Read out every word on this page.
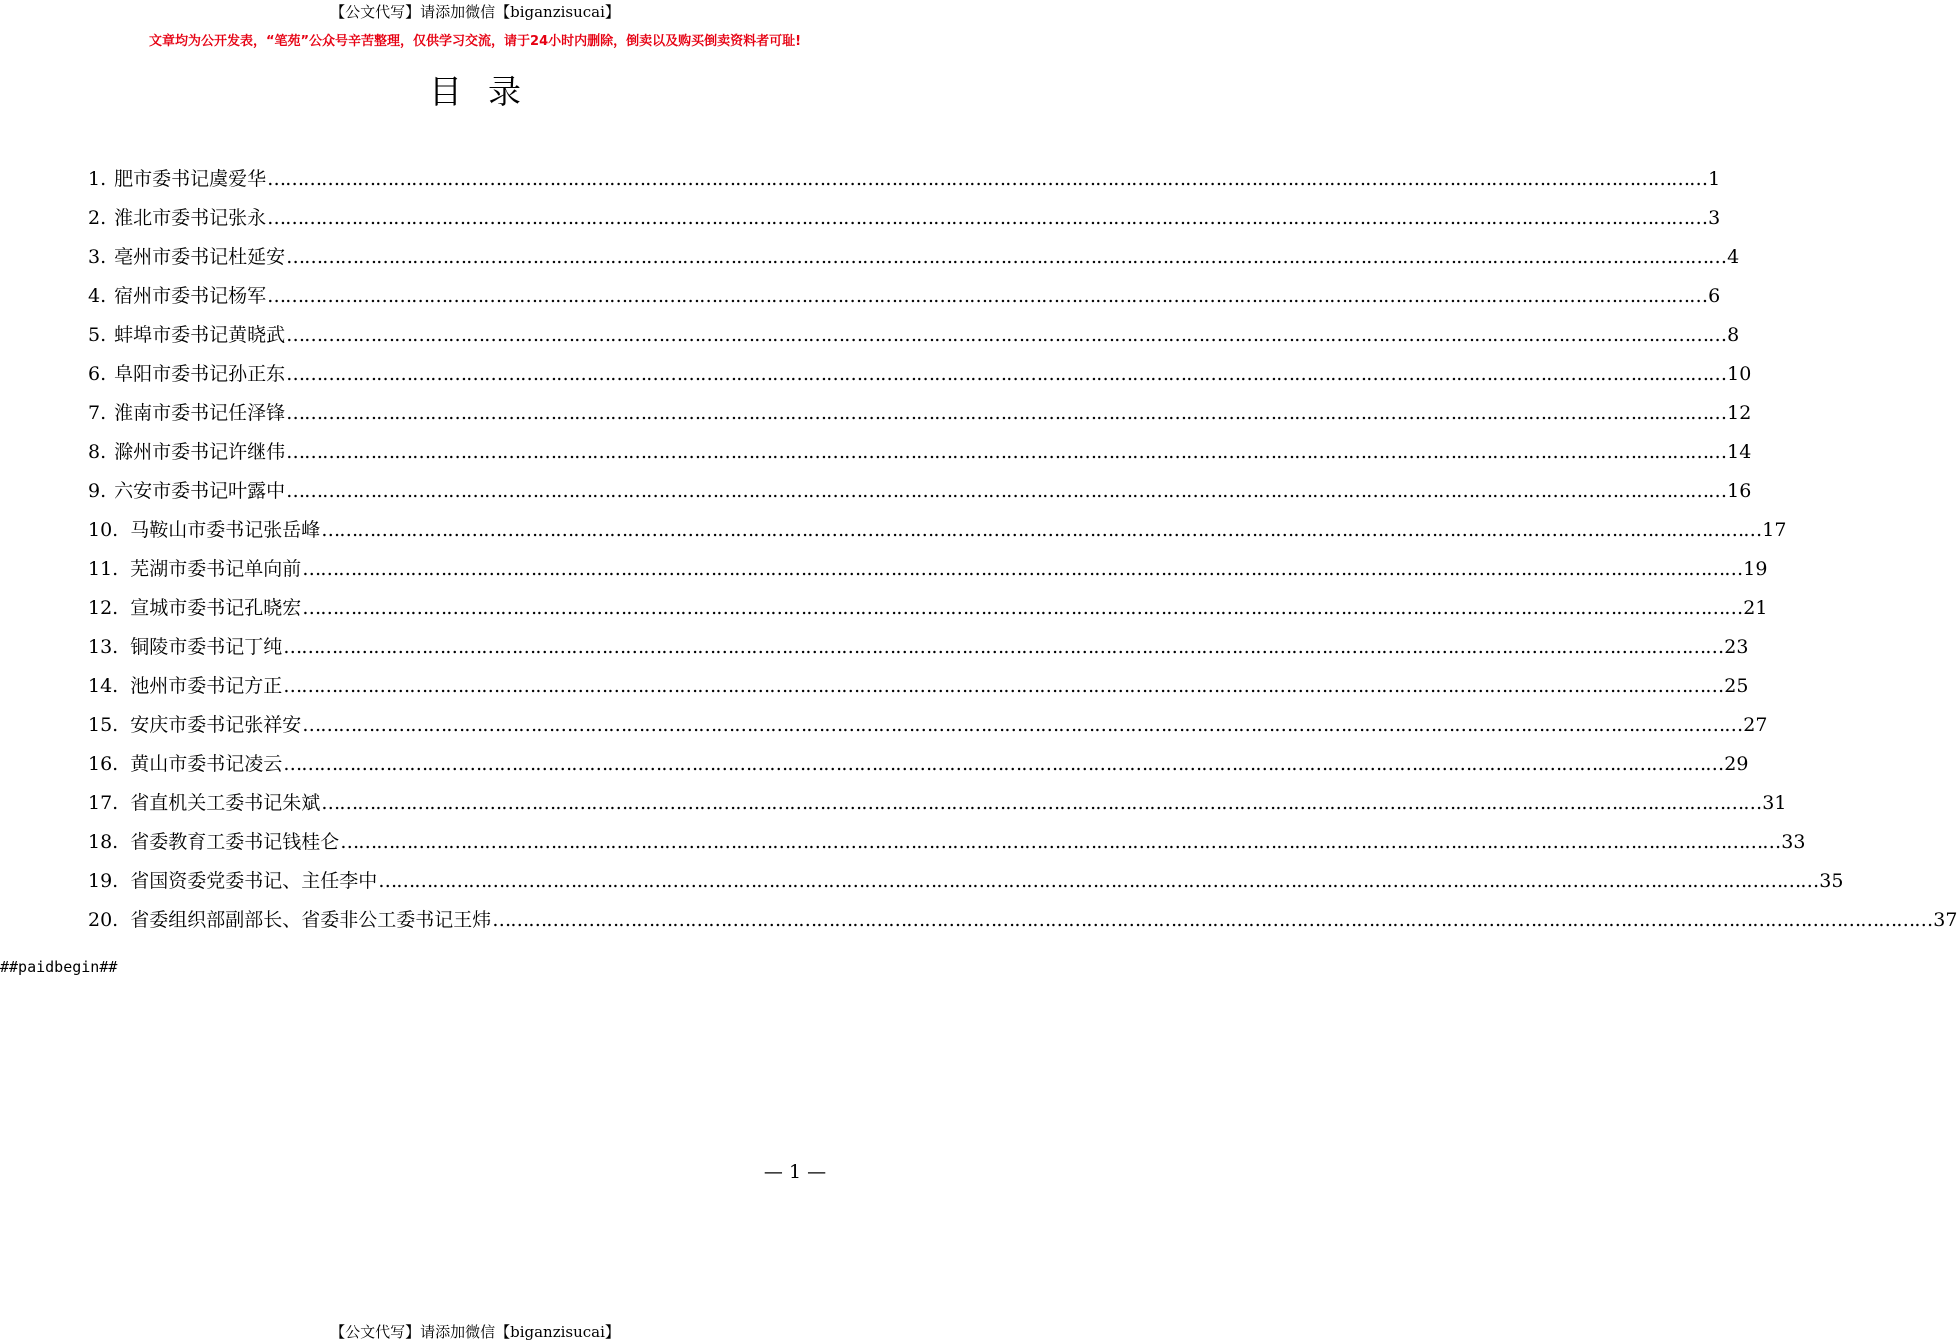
【公文代写】请添加微信【biganzisucai】
文章均为公开发表，“笔苑”公众号辛苦整理，仅供学习交流，请于24小时内删除，倒卖以及购买倒卖资料者可耻!
目录
1. 肥市委书记虞爱华 …………………………………………………………………………………………………………………………………………………………………………………………………………………… 1
2. 淮北市委书记张永 …………………………………………………………………………………………………………………………………………………………………………………………………………………… 3
3. 亳州市委书记杜延安 …………………………………………………………………………………………………………………………………………………………………………………………………………………… 4
4. 宿州市委书记杨军 …………………………………………………………………………………………………………………………………………………………………………………………………………………… 6
5. 蚌埠市委书记黄晓武 …………………………………………………………………………………………………………………………………………………………………………………………………………………… 8
6. 阜阳市委书记孙正东 …………………………………………………………………………………………………………………………………………………………………………………………………………………… 10
7. 淮南市委书记任泽锋 …………………………………………………………………………………………………………………………………………………………………………………………………………………… 12
8. 滁州市委书记许继伟 …………………………………………………………………………………………………………………………………………………………………………………………………………………… 14
9. 六安市委书记叶露中 …………………………………………………………………………………………………………………………………………………………………………………………………………………… 16
10. 马鞍山市委书记张岳峰 …………………………………………………………………………………………………………………………………………………………………………………………………………………… 17
11. 芜湖市委书记单向前 …………………………………………………………………………………………………………………………………………………………………………………………………………………… 19
12. 宣城市委书记孔晓宏 …………………………………………………………………………………………………………………………………………………………………………………………………………………… 21
13. 铜陵市委书记丁纯 …………………………………………………………………………………………………………………………………………………………………………………………………………………… 23
14. 池州市委书记方正 …………………………………………………………………………………………………………………………………………………………………………………………………………………… 25
15. 安庆市委书记张祥安 …………………………………………………………………………………………………………………………………………………………………………………………………………………… 27
16. 黄山市委书记凌云 …………………………………………………………………………………………………………………………………………………………………………………………………………………… 29
17. 省直机关工委书记朱斌 …………………………………………………………………………………………………………………………………………………………………………………………………………………… 31
18. 省委教育工委书记钱桂仑 …………………………………………………………………………………………………………………………………………………………………………………………………………………… 33
19. 省国资委党委书记、主任李中 …………………………………………………………………………………………………………………………………………………………………………………………………………………… 35
20. 省委组织部副部长、省委非公工委书记王炜 …………………………………………………………………………………………………………………………………………………………………………………………………………………… 37
##paidbegin##
— 1 —
【公文代写】请添加微信【biganzisucai】
